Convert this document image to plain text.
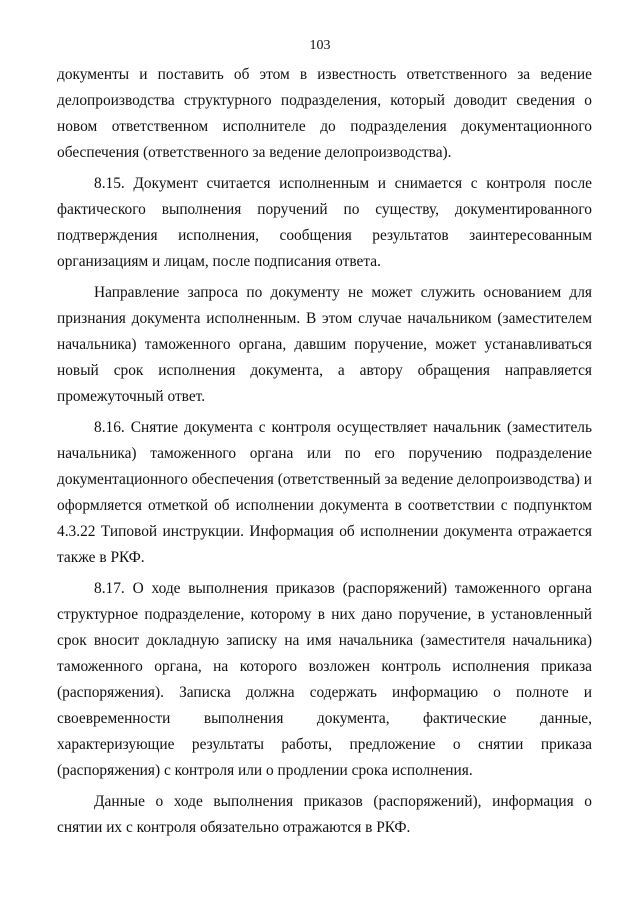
103

документы и поставить об этом в известность ответственного за ведение делопроизводства структурного подразделения, который доводит сведения о новом ответственном исполнителе до подразделения документационного обеспечения (ответственного за ведение делопроизводства).

8.15. Документ считается исполненным и снимается с контроля после фактического выполнения поручений по существу, документированного подтверждения исполнения, сообщения результатов заинтересованным организациям и лицам, после подписания ответа.

Направление запроса по документу не может служить основанием для признания документа исполненным. В этом случае начальником (заместителем начальника) таможенного органа, давшим поручение, может устанавливаться новый срок исполнения документа, а автору обращения направляется промежуточный ответ.

8.16. Снятие документа с контроля осуществляет начальник (заместитель начальника) таможенного органа или по его поручению подразделение документационного обеспечения (ответственный за ведение делопроизводства) и оформляется отметкой об исполнении документа в соответствии с подпунктом 4.3.22 Типовой инструкции. Информация об исполнении документа отражается также в РКФ.

8.17. О ходе выполнения приказов (распоряжений) таможенного органа структурное подразделение, которому в них дано поручение, в установленный срок вносит докладную записку на имя начальника (заместителя начальника) таможенного органа, на которого возложен контроль исполнения приказа (распоряжения). Записка должна содержать информацию о полноте и своевременности выполнения документа, фактические данные, характеризующие результаты работы, предложение о снятии приказа (распоряжения) с контроля или о продлении срока исполнения.

Данные о ходе выполнения приказов (распоряжений), информация о снятии их с контроля обязательно отражаются в РКФ.
